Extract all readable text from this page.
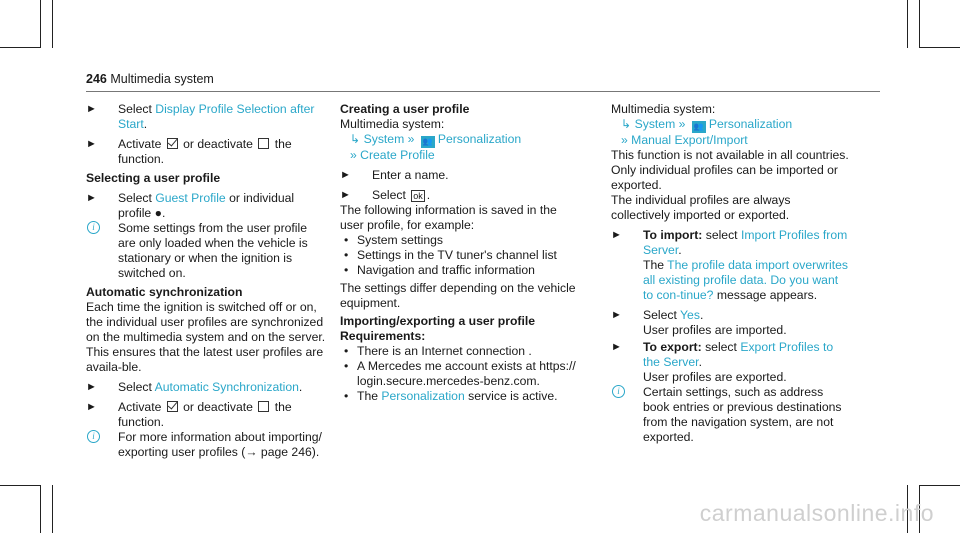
246 Multimedia system

► Select Display Profile Selection after Start.

► Activate  or deactivate  the function.

Selecting a user profile

► Select Guest Profile or individual profile ●.

i	Some settings from the user profile are only loaded when the vehicle is stationary or when the ignition is switched on.

Automatic synchronization

Each time the ignition is switched off or on, the individual user profiles are synchronized on the multimedia system and on the server. This ensures that the latest user profiles are availa-ble.

► Select Automatic Synchronization.

► Activate  or deactivate  the function.

i	For more information about importing/ exporting user profiles (→ page 246).

Creating a user profile

Multimedia system:

↳ System » 👥 Personalization

» Create Profile

► Enter a name.

► Select ok .

The following information is saved in the user profile, for example:

• System settings

• Settings in the TV tuner's channel list

• Navigation and traffic information

The settings differ depending on the vehicle equipment.

Importing/exporting a user profile

Requirements:

• There is an Internet connection .

• A Mercedes me account exists at https:// login.secure.mercedes-benz.com.

• The Personalization service is active.

Multimedia system:

↳ System » 👥 Personalization

» Manual Export/Import

This function is not available in all countries.

Only individual profiles can be imported or exported.

The individual profiles are always collectively imported or exported.

► To import: select Import Profiles from Server.
The The profile data import overwrites all existing profile data. Do you want to con-tinue? message appears.

► Select Yes.
User profiles are imported.

► To export: select Export Profiles to the Server.
User profiles are exported.

i	Certain settings, such as address book entries or previous destinations from the navigation system, are not exported.

carmanualsonline.info
